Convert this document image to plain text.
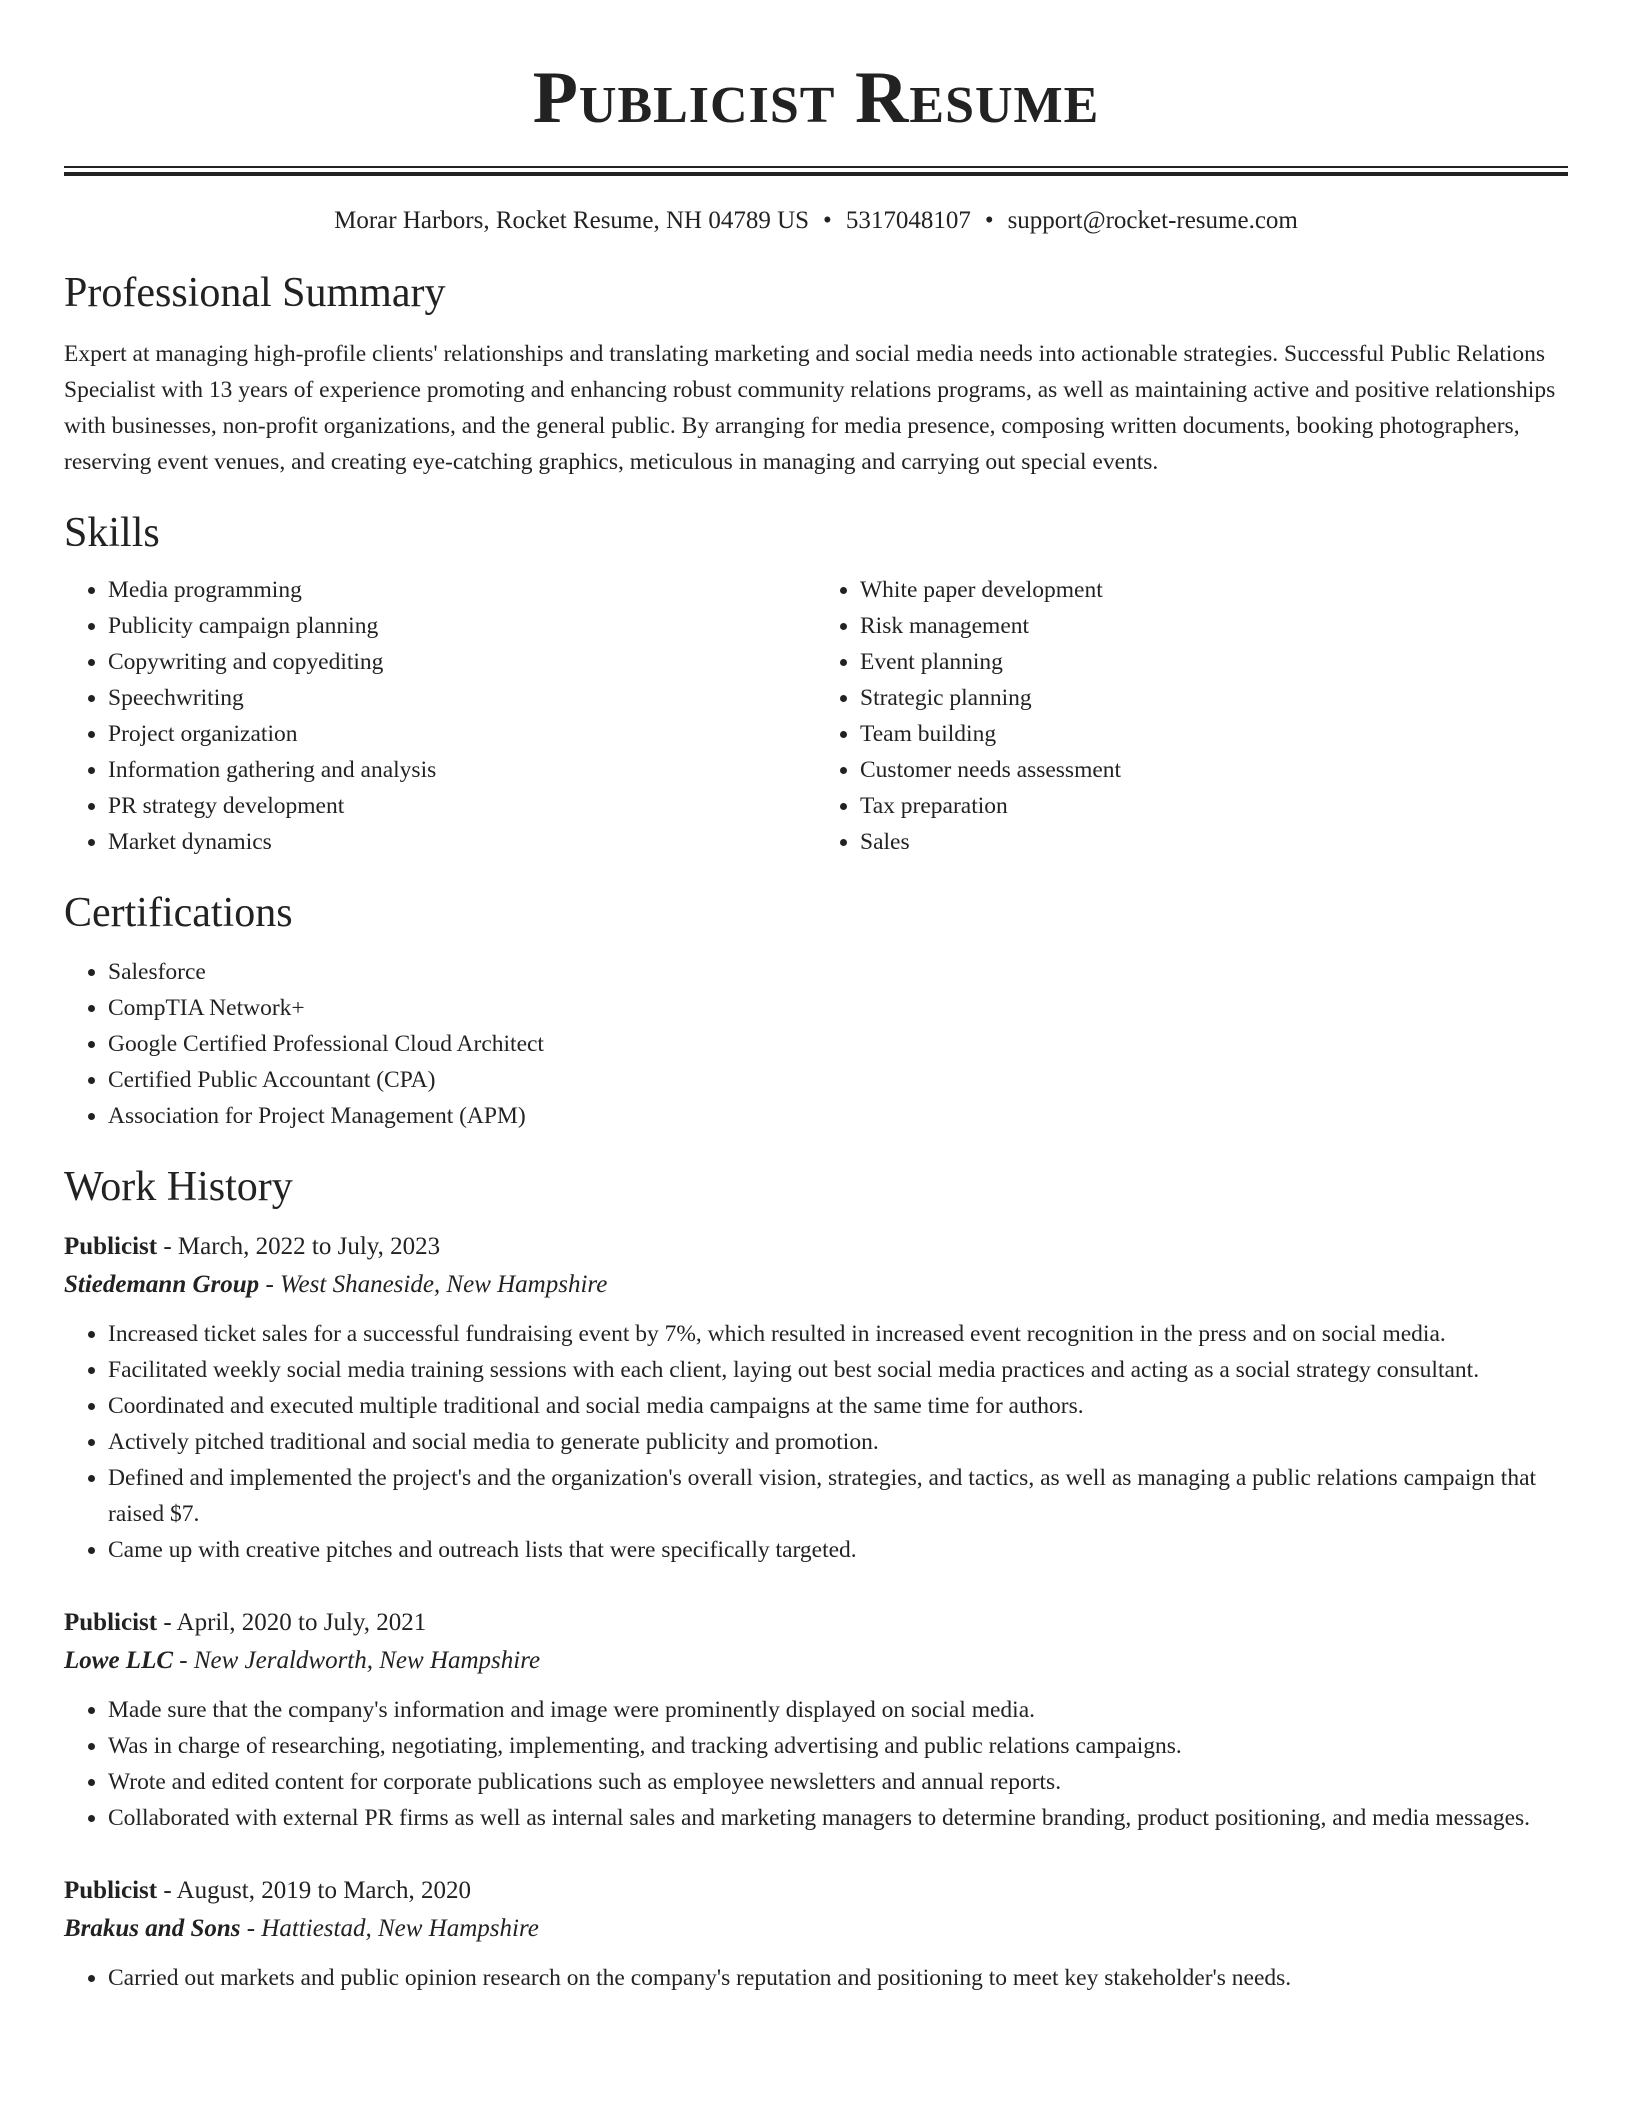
Publicist Resume
Morar Harbors, Rocket Resume, NH 04789 US • 5317048107 • support@rocket-resume.com
Professional Summary

Expert at managing high-profile clients' relationships and translating marketing and social media needs into actionable strategies. Successful Public Relations Specialist with 13 years of experience promoting and enhancing robust community relations programs, as well as maintaining active and positive relationships with businesses, non-profit organizations, and the general public. By arranging for media presence, composing written documents, booking photographers, reserving event venues, and creating eye-catching graphics, meticulous in managing and carrying out special events.

Skills
• Media programming
• Publicity campaign planning
• Copywriting and copyediting
• Speechwriting
• Project organization
• Information gathering and analysis
• PR strategy development
• Market dynamics
• White paper development
• Risk management
• Event planning
• Strategic planning
• Team building
• Customer needs assessment
• Tax preparation
• Sales
Certifications
• Salesforce
• CompTIA Network+
• Google Certified Professional Cloud Architect
• Certified Public Accountant (CPA)
• Association for Project Management (APM)
Work History
Publicist - March, 2022 to July, 2023
Stiedemann Group - West Shaneside, New Hampshire
• Increased ticket sales for a successful fundraising event by 7%, which resulted in increased event recognition in the press and on social media.
• Facilitated weekly social media training sessions with each client, laying out best social media practices and acting as a social strategy consultant.
• Coordinated and executed multiple traditional and social media campaigns at the same time for authors.
• Actively pitched traditional and social media to generate publicity and promotion.
• Defined and implemented the project's and the organization's overall vision, strategies, and tactics, as well as managing a public relations campaign that raised $7.
• Came up with creative pitches and outreach lists that were specifically targeted.
Publicist - April, 2020 to July, 2021
Lowe LLC - New Jeraldworth, New Hampshire
• Made sure that the company's information and image were prominently displayed on social media.
• Was in charge of researching, negotiating, implementing, and tracking advertising and public relations campaigns.
• Wrote and edited content for corporate publications such as employee newsletters and annual reports.
• Collaborated with external PR firms as well as internal sales and marketing managers to determine branding, product positioning, and media messages.
Publicist - August, 2019 to March, 2020
Brakus and Sons - Hattiestad, New Hampshire
• Carried out markets and public opinion research on the company's reputation and positioning to meet key stakeholder's needs.
